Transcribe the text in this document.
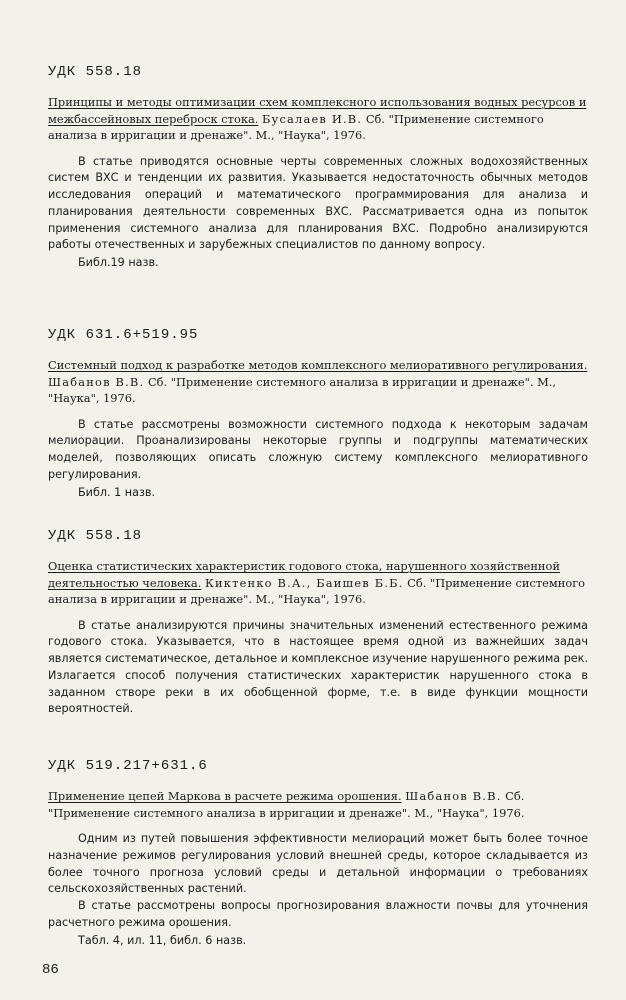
УДК 558.18

Принципы и методы оптимизации схем комплексного использования водных ресурсов и межбассейновых переброск стока. Бусалаев И.В. Сб. "Применение системного анализа в ирригации и дренаже". М., "Наука", 1976.

В статье приводятся основные черты современных сложных водохозяйственных систем ВХС и тенденции их развития. Указывается недостаточность обычных методов исследования операций и математического программирования для анализа и планирования деятельности современных ВХС. Рассматривается одна из попыток применения системного анализа для планирования ВХС. Подробно анализируются работы отечественных и зарубежных специалистов по данному вопросу.

Библ.19 назв.
УДК 631.6+519.95

Системный подход к разработке методов комплексного мелиоративного регулирования. Шабанов В.В. Сб. "Применение системного анализа в ирригации и дренаже". М., "Наука", 1976.

В статье рассмотрены возможности системного подхода к некоторым задачам мелиорации. Проанализированы некоторые группы и подгруппы математических моделей, позволяющих описать сложную систему комплексного мелиоративного регулирования.

Библ. 1 назв.
УДК 558.18

Оценка статистических характеристик годового стока, нарушенного хозяйственной деятельностью человека. Киктенко В.А., Баишев Б.Б. Сб. "Применение системного анализа в ирригации и дренаже". М., "Наука", 1976.

В статье анализируются причины значительных изменений естественного режима годового стока. Указывается, что в настоящее время одной из важнейших задач является систематическое, детальное и комплексное изучение нарушенного режима рек. Излагается способ получения статистических характеристик нарушенного стока в заданном створе реки в их обобщенной форме, т.е. в виде функции мощности вероятностей.

УДК 519.217+631.6

Применение цепей Маркова в расчете режима орошения. Шабанов В.В. Сб. "Применение системного анализа в ирригации и дренаже". М., "Наука", 1976.

Одним из путей повышения эффективности мелиораций может быть более точное назначение режимов регулирования условий внешней среды, которое складывается из более точного прогноза условий среды и детальной информации о требованиях сельскохозяйственных растений.

В статье рассмотрены вопросы прогнозирования влажности почвы для уточнения расчетного режима орошения.

Табл. 4, ил. 11, библ. 6 назв.
86
